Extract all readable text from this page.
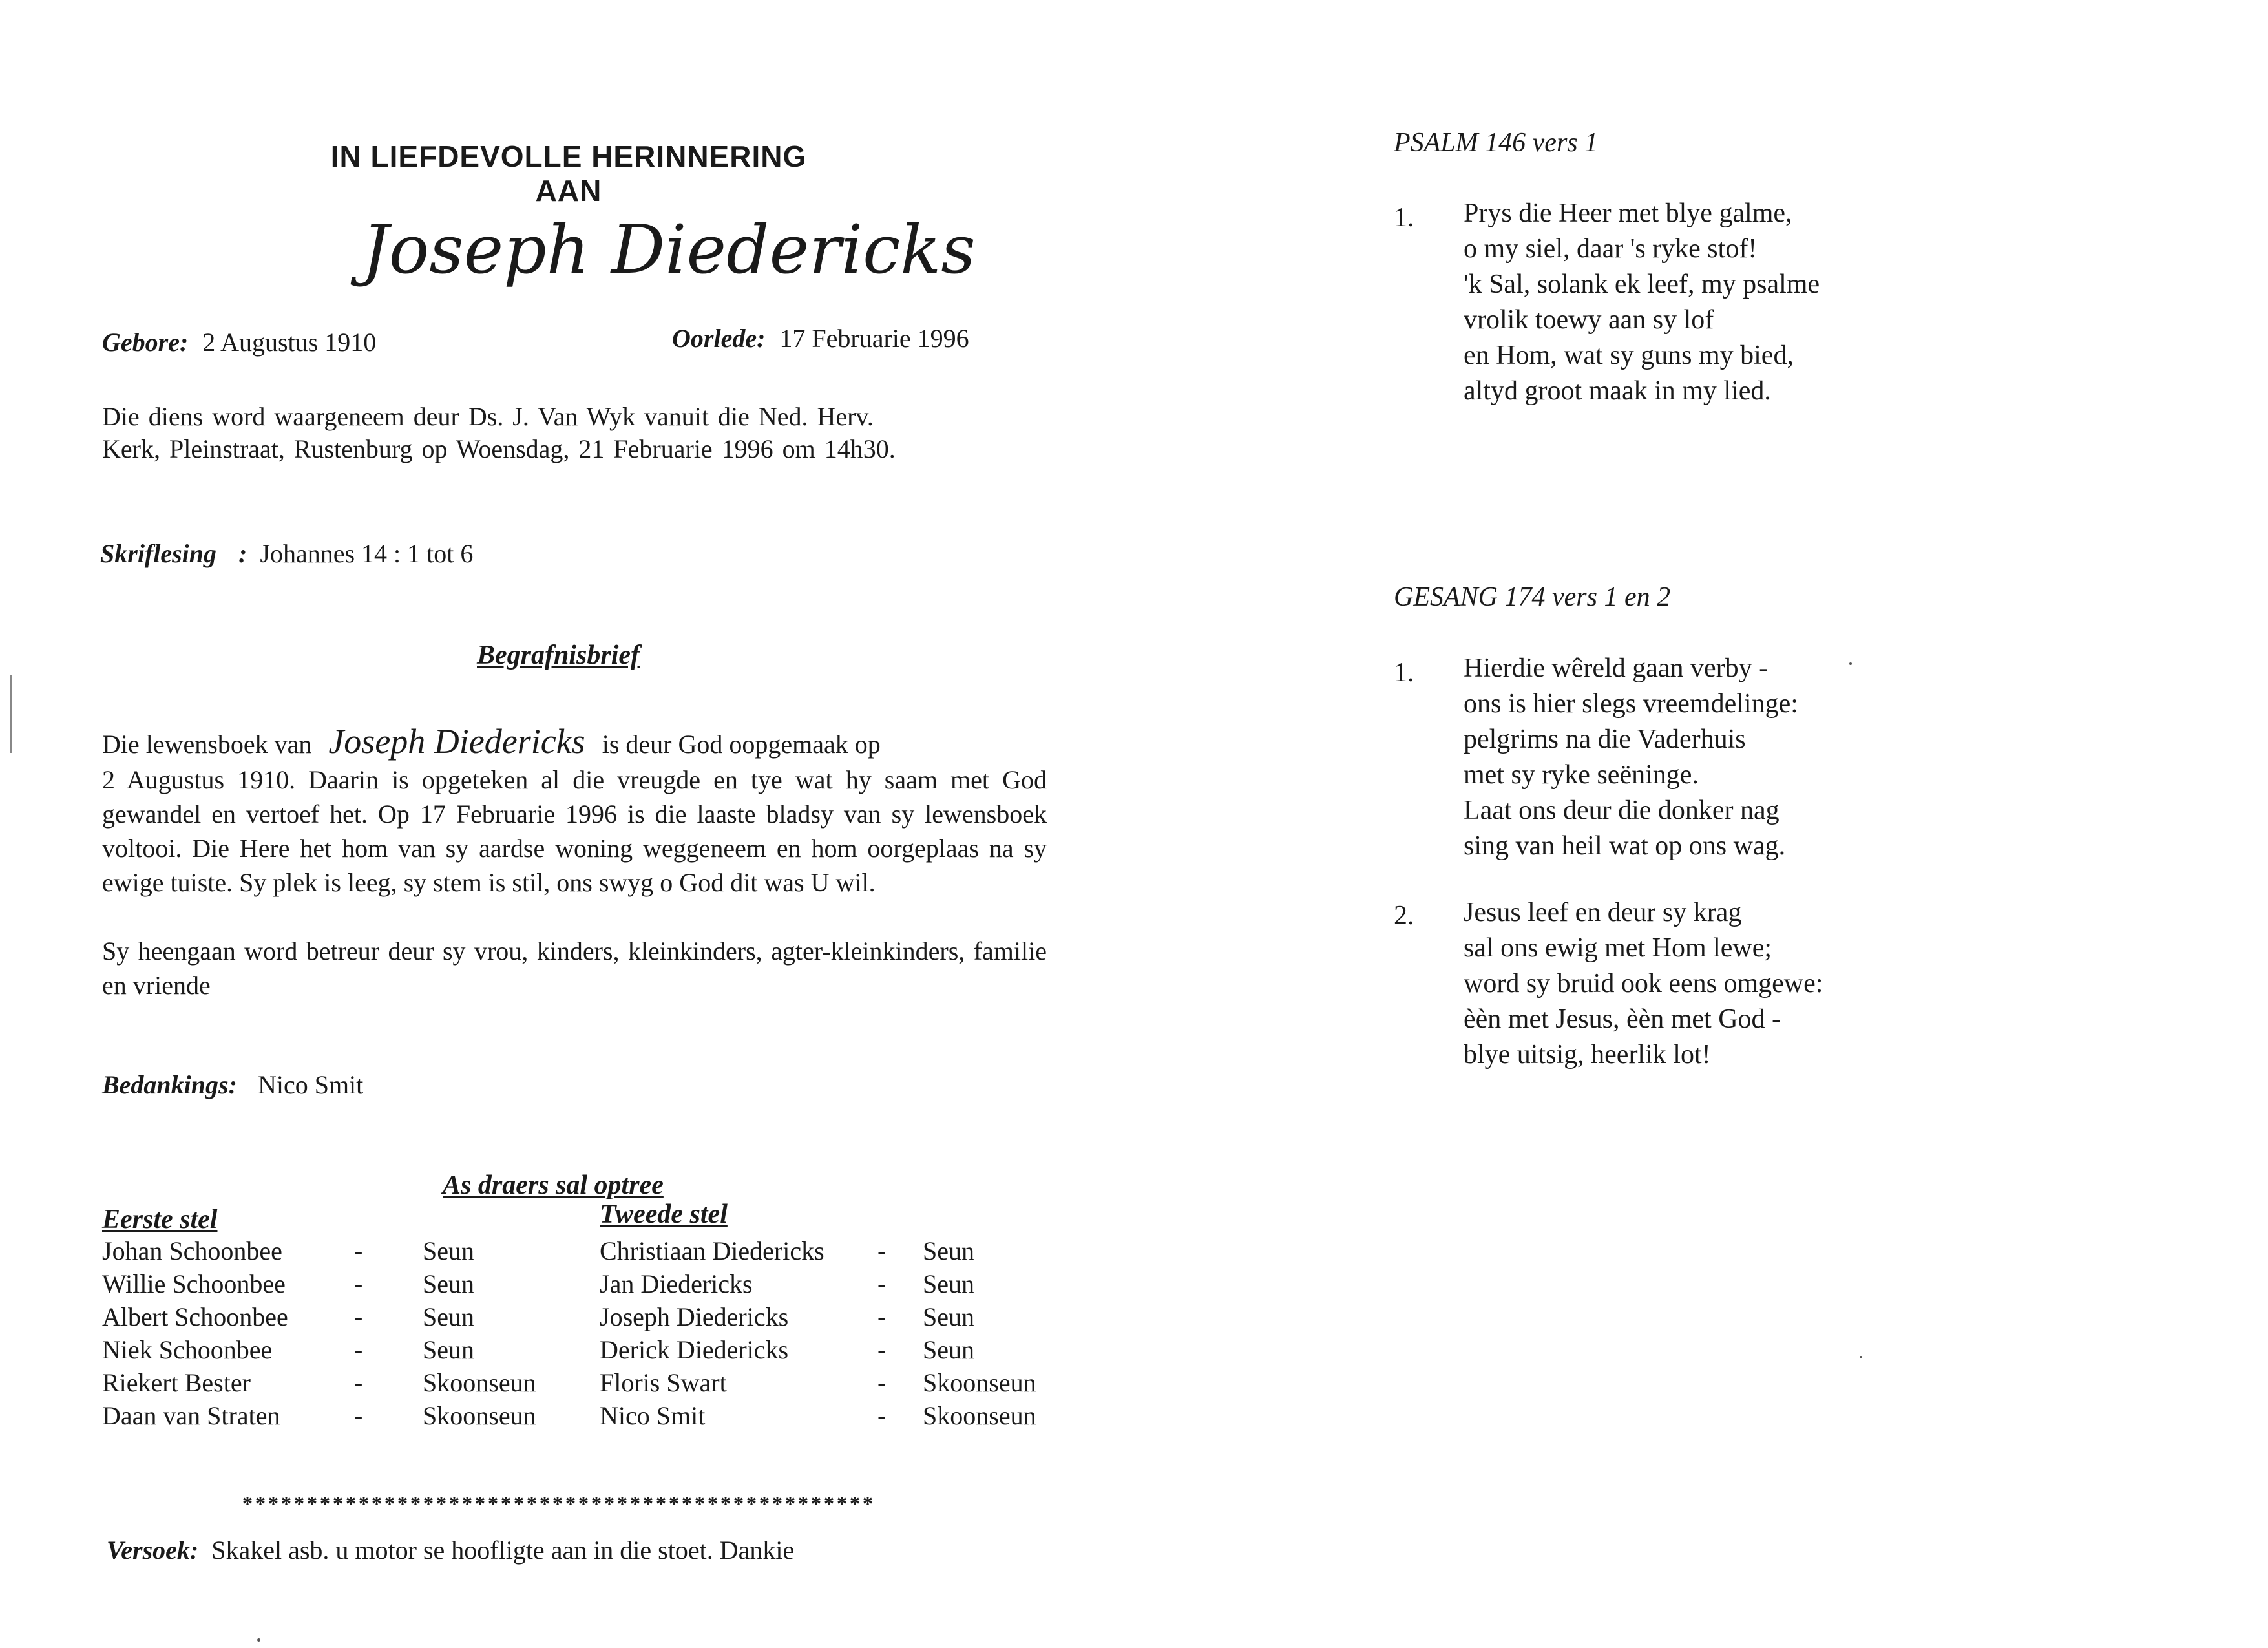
IN LIEFDEVOLLE HERINNERING
AAN
Joseph Diedericks
Gebore: 2 Augustus 1910	Oorlede: 17 Februarie 1996
Die diens word waargeneem deur Ds. J. Van Wyk vanuit die Ned. Herv.
Kerk, Pleinstraat, Rustenburg op Woensdag, 21 Februarie 1996 om 14h30.
Skriflesing : Johannes 14 : 1 tot 6
Begrafnisbrief
Die lewensboek van Joseph Diedericks is deur God oopgemaak op
2 Augustus 1910. Daarin is opgeteken al die vreugde en tye wat hy saam met God gewandel en vertoef het. Op 17 Februarie 1996 is die laaste bladsy van sy lewensboek voltooi. Die Here het hom van sy aardse woning weggeneem en hom oorgeplaas na sy ewige tuiste. Sy plek is leeg, sy stem is stil, ons swyg o God dit was U wil.
Sy heengaan word betreur deur sy vrou, kinders, kleinkinders, agter-kleinkinders, familie en vriende
Bedankings: Nico Smit
As draers sal optree
Eerste stel	Tweede stel
Johan Schoonbee	-	Seun	Christiaan Diedericks	-	Seun
Willie Schoonbee	-	Seun	Jan Diedericks	-	Seun
Albert Schoonbee	-	Seun	Joseph Diedericks	-	Seun
Niek Schoonbee	-	Seun	Derick Diedericks	-	Seun
Riekert Bester	-	Skoonseun	Floris Swart	-	Skoonseun
Daan van Straten	-	Skoonseun	Nico Smit	-	Skoonseun
*************************************************
Versoek: Skakel asb. u motor se hoofligte aan in die stoet. Dankie
PSALM 146 vers 1
1. Prys die Heer met blye galme,
o my siel, daar 's ryke stof!
'k Sal, solank ek leef, my psalme
vrolik toewy aan sy lof
en Hom, wat sy guns my bied,
altyd groot maak in my lied.
GESANG 174 vers 1 en 2
1. Hierdie wêreld gaan verby -
ons is hier slegs vreemdelinge:
pelgrims na die Vaderhuis
met sy ryke seëninge.
Laat ons deur die donker nag
sing van heil wat op ons wag.
2. Jesus leef en deur sy krag
sal ons ewig met Hom lewe;
word sy bruid ook eens omgewe:
èèn met Jesus, èèn met God -
blye uitsig, heerlik lot!
